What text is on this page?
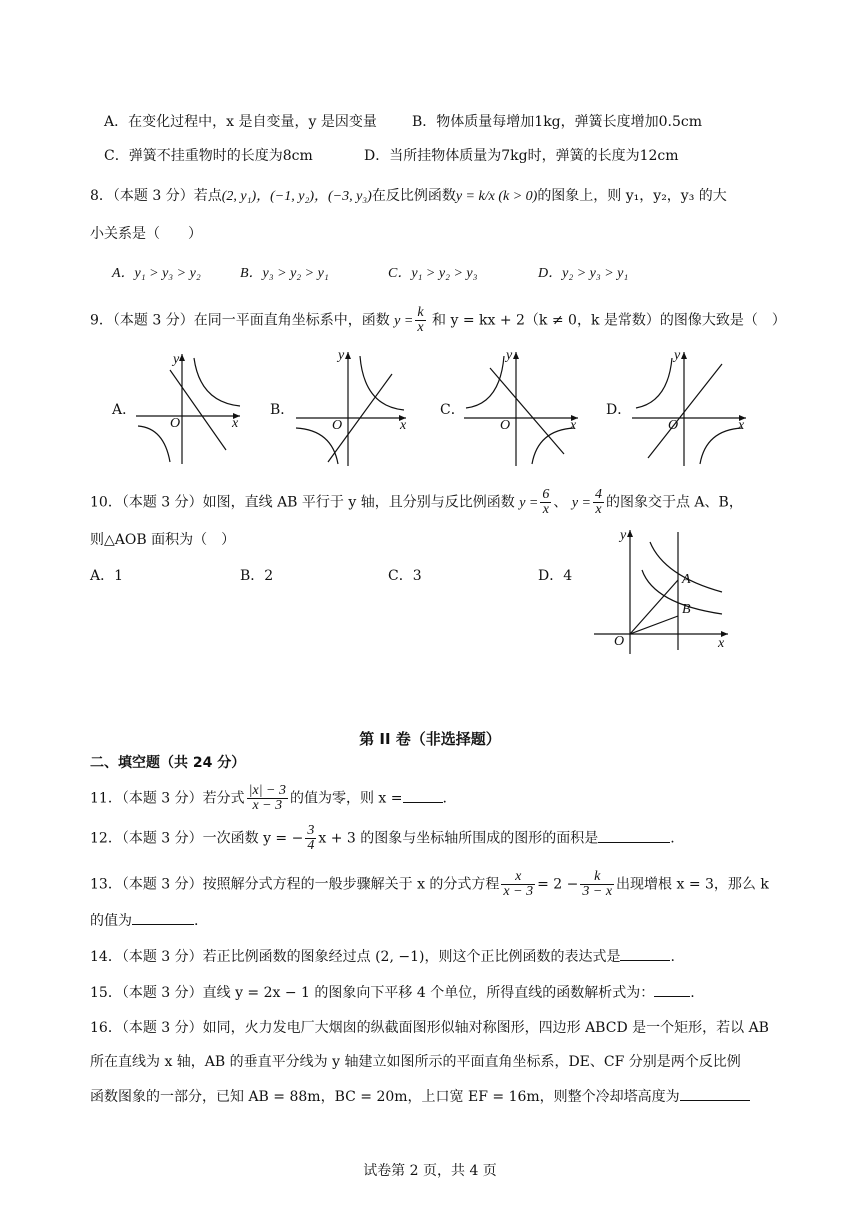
A．在变化过程中，x 是自变量，y 是因变量	B．物体质量每增加1kg，弹簧长度增加0.5cm
C．弹簧不挂重物时的长度为8cm	D．当所挂物体质量为7kg时，弹簧的长度为12cm
8．（本题 3 分）若点(2, y₁)，(−1, y₂)，(−3, y₃)在反比例函数y = k/x (k > 0)的图象上，则 y₁，y₂，y₃ 的大
小关系是（　　）
A．y₁ > y₃ > y₂	B．y₃ > y₂ > y₁	C．y₁ > y₂ > y₃	D．y₂ > y₃ > y₁
9．（本题 3 分）在同一平面直角坐标系中，函数 $y = \frac{k}{x}$ 和 y = kx + 2（k ≠ 0，k 是常数）的图像大致是（　）
A．
y
x
O
B．
y
x
O
C．
y
x
O
D．
y
x
O
10．（本题 3 分）如图，直线 AB 平行于 y 轴，且分别与反比例函数 $y = \frac{6}{x}$ 、 $y = \frac{4}{x}$ 的图象交于点 A、B，
则△AOB 面积为（　）
A．1	B．2	C．3	D．4
y
x
O
A
B
第 II 卷（非选择题）
二、填空题（共 24 分）
11．（本题 3 分）若分式 $\frac{|x| - 3}{x - 3}$ 的值为零，则 x =	.
12．（本题 3 分）一次函数 y = − $\frac{3}{4}$ x + 3 的图象与坐标轴所围成的图形的面积是	.
13．（本题 3 分）按照解分式方程的一般步骤解关于 x 的分式方程 $\frac{x}{x - 3} = 2 - \frac{k}{3 - x}$ 出现增根 x = 3，那么 k
的值为	.
14．（本题 3 分）若正比例函数的图象经过点 (2, −1)，则这个正比例函数的表达式是	.
15．（本题 3 分）直线 y = 2x − 1 的图象向下平移 4 个单位，所得直线的函数解析式为：	.
16．（本题 3 分）如同，火力发电厂大烟囱的纵截面图形似轴对称图形，四边形 ABCD 是一个矩形，若以 AB
所在直线为 x 轴，AB 的垂直平分线为 y 轴建立如图所示的平面直角坐标系，DE、CF 分别是两个反比例
函数图象的一部分，已知 AB = 88m，BC = 20m，上口宽 EF = 16m，则整个冷却塔高度为
试卷第 2 页，共 4 页
